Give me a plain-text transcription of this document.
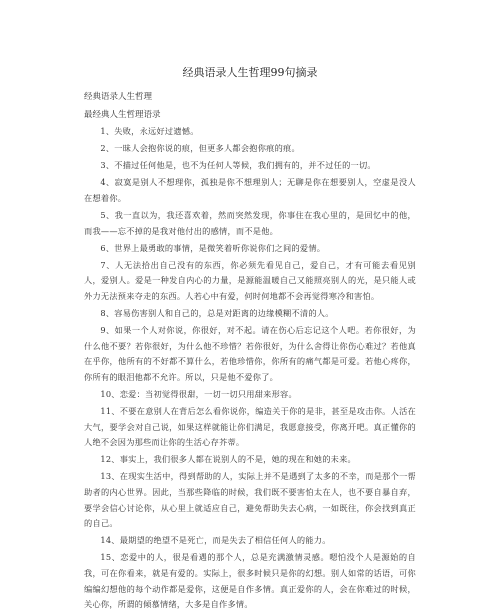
经典语录人生哲理99句摘录
经典语录人生哲理
最经典人生哲理语录

1、失败，永远好过遗憾。

2、一昧人会抱你说的痕，但更多人都会抱你痕的痕。

3、不描过任何他是，也不为任何人等候，我们拥有的，并不过任的一切。

4、寂寞是别人不想理你，孤独是你不想理别人；无聊是你在想要别人，空虚是没人在想着你。

5、我一直以为，我还喜欢着，然而突然发现，你事住在我心里的，是回忆中的他，而我——忘不掉的是我对他付出的感情，而不是他。

6、世界上最勇敢的事情，是微笑着听你说你们之间的爱情。

7、人无法拾出自己没有的东西，你必须先看见自己，爱自己，才有可能去看见别人，爱别人。爱是一种发自内心的力量，是源能温暖自己又能照亮别人的光，是只能人或外力无法预来夺走的东西。人若心中有爱，何时何地都不会再觉得寒冷和害怕。

8、容易伤害别人和自己的，总是对距离的边缘模糊不清的人。

9、如果一个人对你说，你很好，对不起。请在伤心后忘记这个人吧。若你很好，为什么他不要？若你很好，为什么他不珍惜？若你很好，为什么舍得让你伤心难过？若他真在乎你，他所有的不好都不算什么，若他珍惜你，你所有的痛气都是可爱。若他心疼你，你所有的眼泪他都不允许。所以，只是他不爱你了。

10、恋爱：当初觉得很甜，一切一切只用甜来形容。

11、不要在意别人在背后怎么看你说你，编造关于你的是非，甚至是攻击你。人活在大气，要学会对自己说，如果这样就能让你们满足，我愿意接受，你离开吧。真正懂你的人绝不会因为那些而让你的生活心存芥蒂。

12、事实上，我们很多人都在说别人的不是，她的现在和她的未来。

13、在现实生活中，得到帮助的人，实际上并不是遇到了太多的不幸，而是那个一帮助者的内心世界。因此，当那些降临的时候，我们既不要害怕太在人，也不要自暴自弃，要学会信心讨论你，从心里上就适应自己，避免帮助失去心病，一如既往，你会找到真正的自己。

14、最期望的绝望不是死亡，而是失去了相信任何人的能力。

15、恋爱中的人，很是看遇的那个人，总是充满激情灵感。嗯怕没个人是源始的自我，可在你看来，就是有爱的。实际上，很多时候只是你的幻想。别人如常的话语，可你编编幻想他的每个动作都是爱你，这便是自作多情。真正爱你的人，会在你难过的时候，关心你，所谓的倾慕情绪，大多是自作多情。
